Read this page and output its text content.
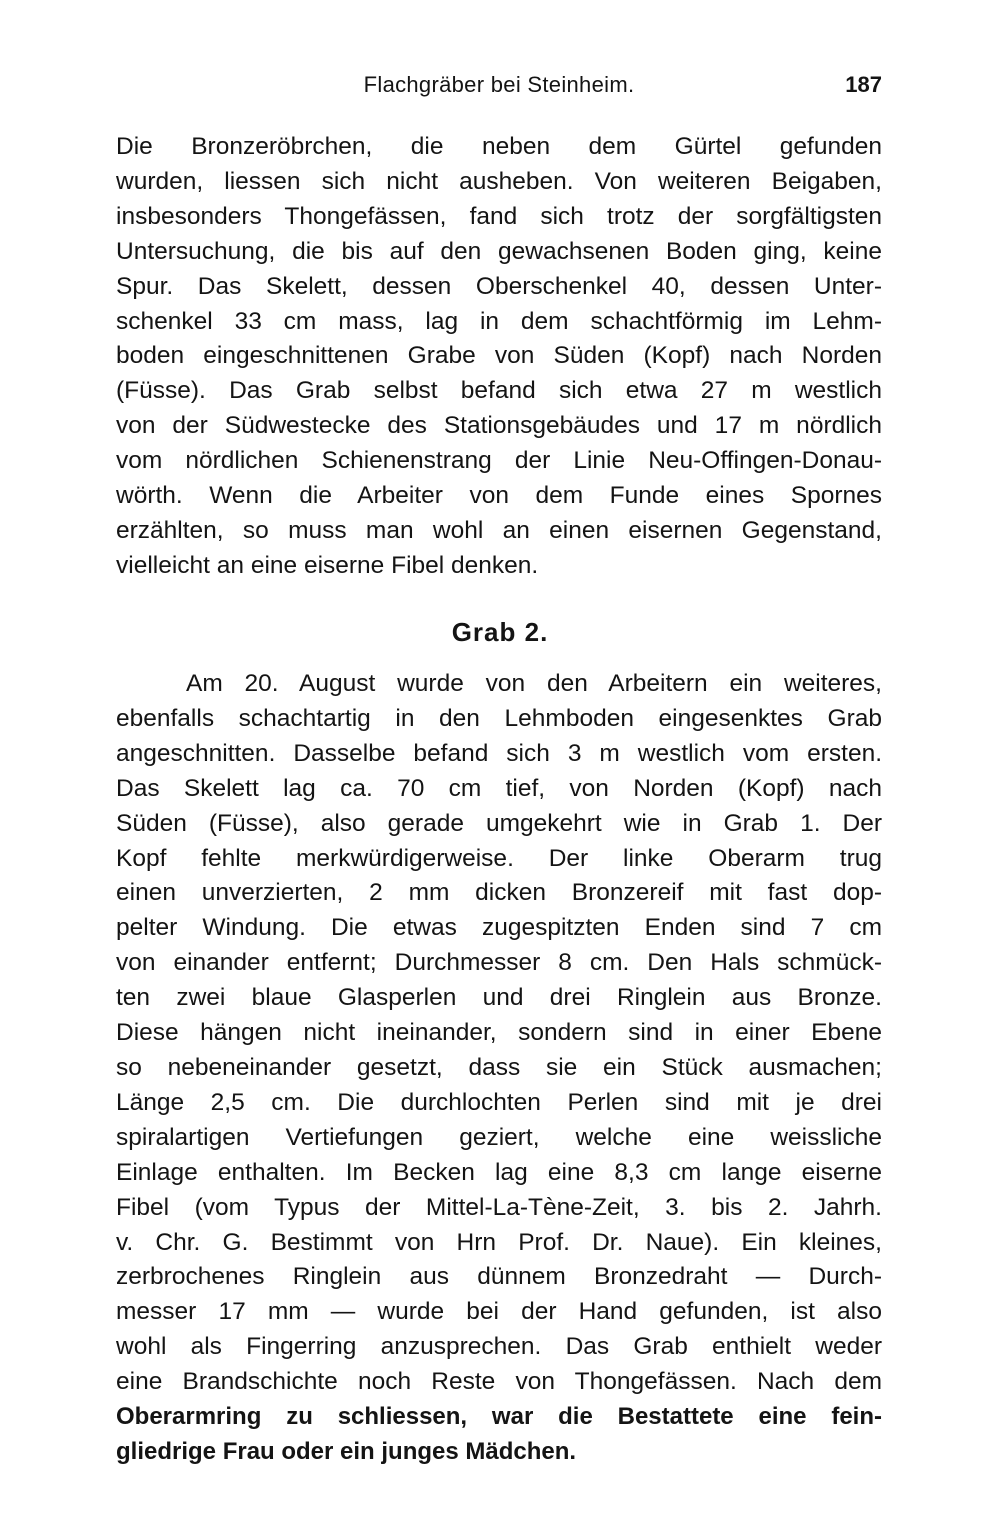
Flachgräber bei Steinheim.	187
Die Bronzeröbrchen, die neben dem Gürtel gefunden
wurden, liessen sich nicht ausheben. Von weiteren Beigaben,
insbesonders Thongefässen, fand sich trotz der sorgfältigsten
Untersuchung, die bis auf den gewachsenen Boden ging, keine
Spur. Das Skelett, dessen Oberschenkel 40, dessen Unter-
schenkel 33 cm mass, lag in dem schachtförmig im Lehm-
boden eingeschnittenen Grabe von Süden (Kopf) nach Norden
(Füsse). Das Grab selbst befand sich etwa 27 m westlich
von der Südwestecke des Stationsgebäudes und 17 m nördlich
vom nördlichen Schienenstrang der Linie Neu-Offingen-Donau-
wörth. Wenn die Arbeiter von dem Funde eines Spornes
erzählten, so muss man wohl an einen eisernen Gegenstand,
vielleicht an eine eiserne Fibel denken.
Grab 2.
Am 20. August wurde von den Arbeitern ein weiteres,
ebenfalls schachtartig in den Lehmboden eingesenktes Grab
angeschnitten. Dasselbe befand sich 3 m westlich vom ersten.
Das Skelett lag ca. 70 cm tief, von Norden (Kopf) nach
Süden (Füsse), also gerade umgekehrt wie in Grab 1. Der
Kopf fehlte merkwürdigerweise. Der linke Oberarm trug
einen unverzierten, 2 mm dicken Bronzereif mit fast dop-
pelter Windung. Die etwas zugespitzten Enden sind 7 cm
von einander entfernt; Durchmesser 8 cm. Den Hals schmück-
ten zwei blaue Glasperlen und drei Ringlein aus Bronze.
Diese hängen nicht ineinander, sondern sind in einer Ebene
so nebeneinander gesetzt, dass sie ein Stück ausmachen;
Länge 2,5 cm. Die durchlochten Perlen sind mit je drei
spiralartigen Vertiefungen geziert, welche eine weissliche
Einlage enthalten. Im Becken lag eine 8,3 cm lange eiserne
Fibel (vom Typus der Mittel-La-Tène-Zeit, 3. bis 2. Jahrh.
v. Chr. G. Bestimmt von Hrn Prof. Dr. Naue). Ein kleines,
zerbrochenes Ringlein aus dünnem Bronzedraht — Durch-
messer 17 mm — wurde bei der Hand gefunden, ist also
wohl als Fingerring anzusprechen. Das Grab enthielt weder
eine Brandschichte noch Reste von Thongefässen. Nach dem
Oberarmring zu schliessen, war die Bestattete eine fein-
gliedrige Frau oder ein junges Mädchen.
